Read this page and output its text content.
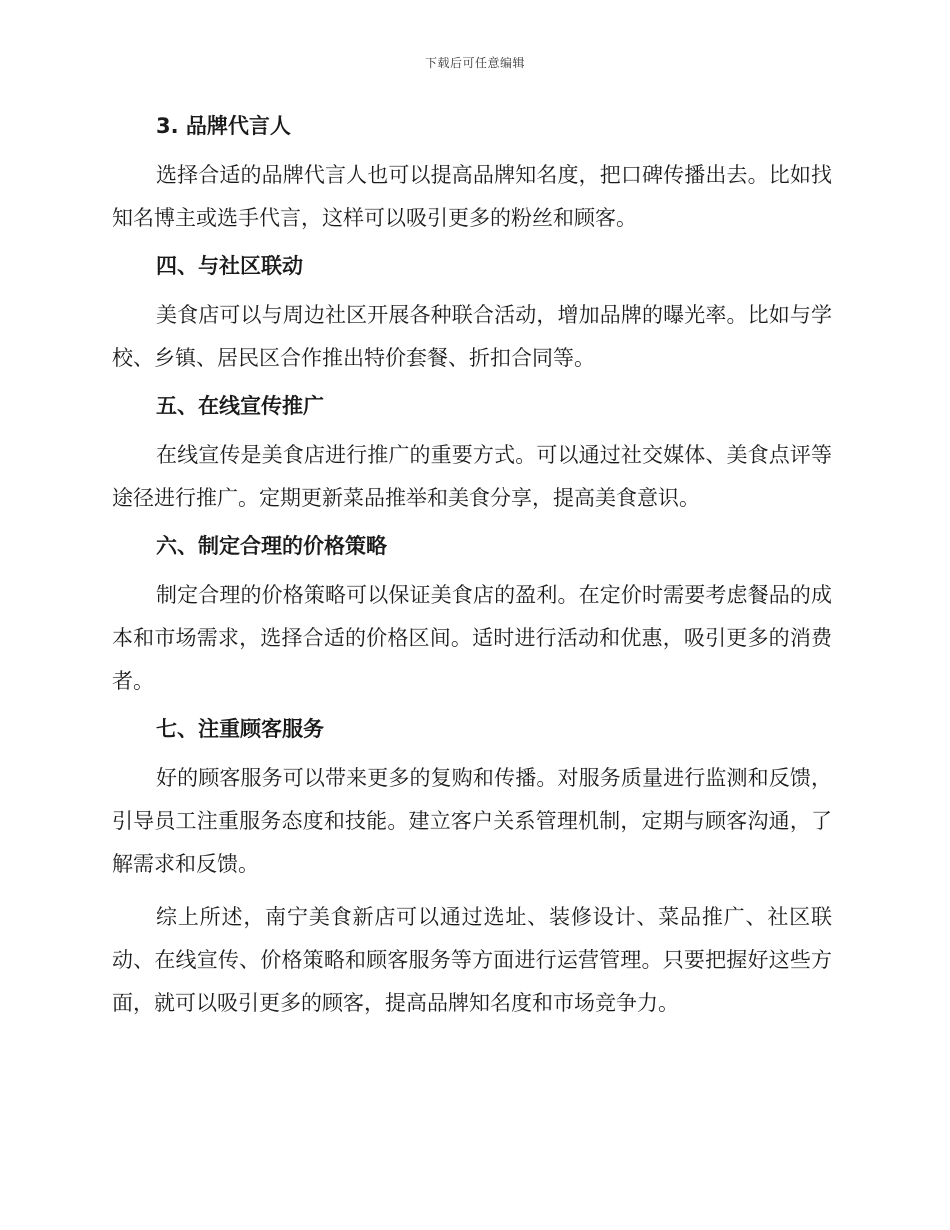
下载后可任意编辑
3. 品牌代言人

选择合适的品牌代言人也可以提高品牌知名度，把口碑传播出去。比如找知名博主或选手代言，这样可以吸引更多的粉丝和顾客。

四、与社区联动

美食店可以与周边社区开展各种联合活动，增加品牌的曝光率。比如与学校、乡镇、居民区合作推出特价套餐、折扣合同等。

五、在线宣传推广

在线宣传是美食店进行推广的重要方式。可以通过社交媒体、美食点评等途径进行推广。定期更新菜品推举和美食分享，提高美食意识。

六、制定合理的价格策略

制定合理的价格策略可以保证美食店的盈利。在定价时需要考虑餐品的成本和市场需求，选择合适的价格区间。适时进行活动和优惠，吸引更多的消费者。

七、注重顾客服务

好的顾客服务可以带来更多的复购和传播。对服务质量进行监测和反馈，引导员工注重服务态度和技能。建立客户关系管理机制，定期与顾客沟通，了解需求和反馈。

综上所述，南宁美食新店可以通过选址、装修设计、菜品推广、社区联动、在线宣传、价格策略和顾客服务等方面进行运营管理。只要把握好这些方面，就可以吸引更多的顾客，提高品牌知名度和市场竞争力。
